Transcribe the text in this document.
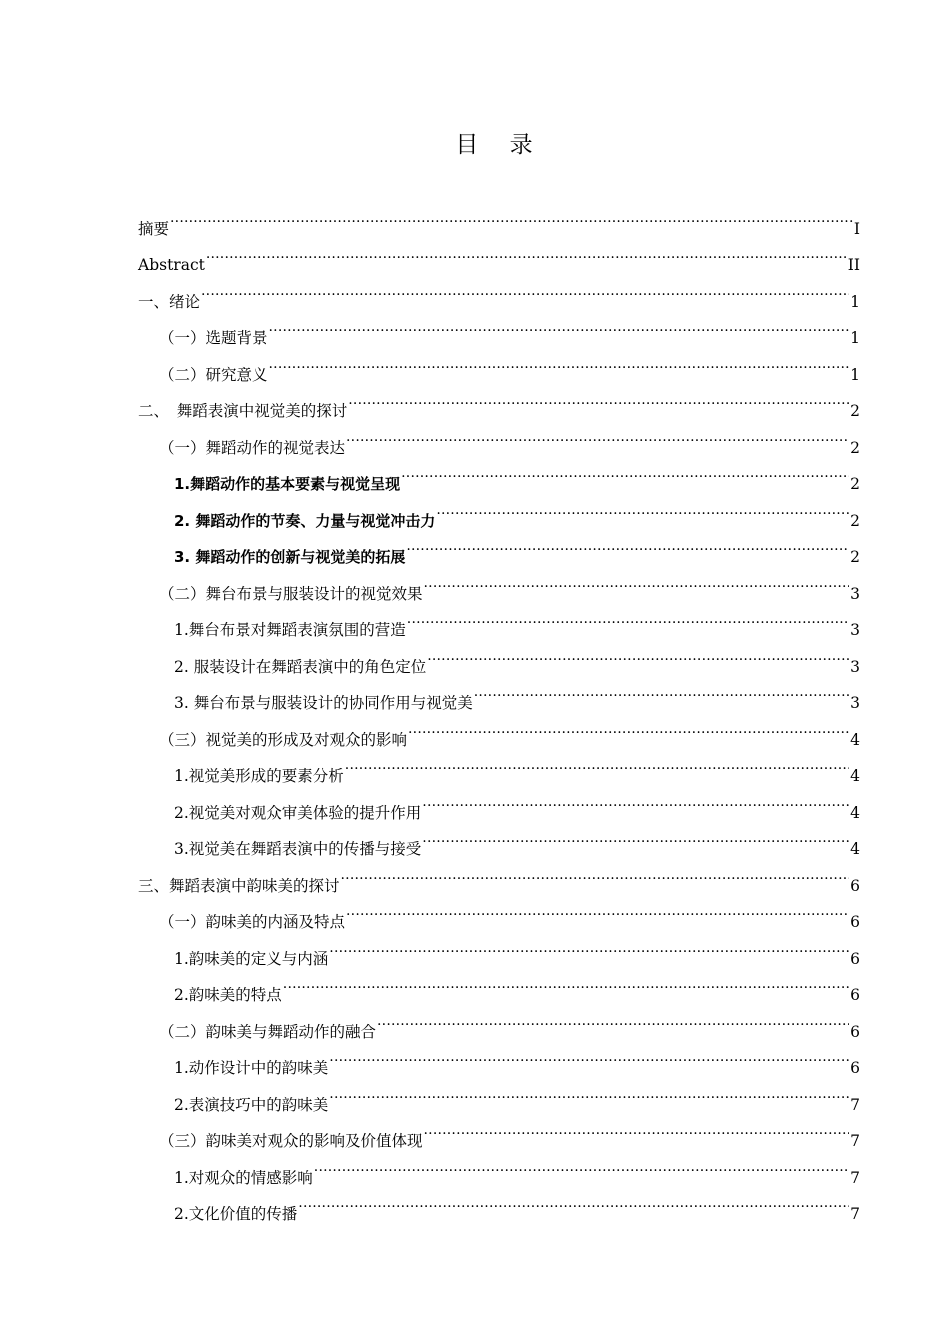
目 录
摘要 .....	I
Abstract .....	II
一、绪论 .....	1
（一）选题背景 .....	1
（二）研究意义 .....	1
二、　舞蹈表演中视觉美的探讨 .....	2
（一）舞蹈动作的视觉表达 .....	2
1.舞蹈动作的基本要素与视觉呈现 .....	2
2. 舞蹈动作的节奏、力量与视觉冲击力 .....	2
3. 舞蹈动作的创新与视觉美的拓展 .....	2
（二）舞台布景与服装设计的视觉效果 .....	3
1.舞台布景对舞蹈表演氛围的营造 .....	3
2. 服装设计在舞蹈表演中的角色定位 .....	3
3. 舞台布景与服装设计的协同作用与视觉美 .....	3
（三）视觉美的形成及对观众的影响 .....	4
1.视觉美形成的要素分析 .....	4
2.视觉美对观众审美体验的提升作用 .....	4
3.视觉美在舞蹈表演中的传播与接受 .....	4
三、舞蹈表演中韵味美的探讨 .....	6
（一）韵味美的内涵及特点 .....	6
1.韵味美的定义与内涵 .....	6
2.韵味美的特点 .....	6
（二）韵味美与舞蹈动作的融合 .....	6
1.动作设计中的韵味美 .....	6
2.表演技巧中的韵味美 .....	7
（三）韵味美对观众的影响及价值体现 .....	7
1.对观众的情感影响 .....	7
2.文化价值的传播 .....	7
